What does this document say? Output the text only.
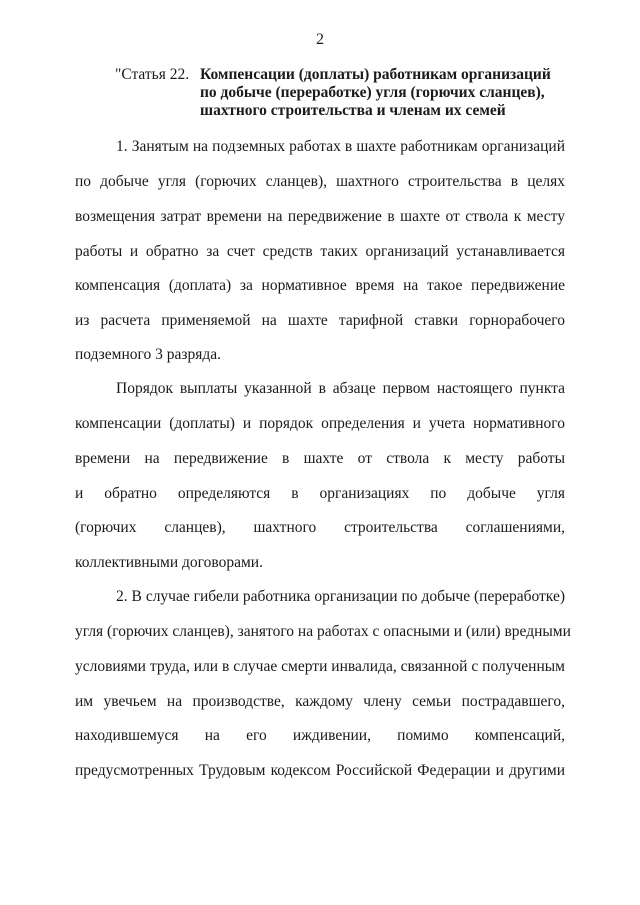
2
"Статья 22. Компенсации (доплаты) работникам организаций
по добыче (переработке) угля (горючих сланцев),
шахтного строительства и членам их семей
1. Занятым на подземных работах в шахте работникам организаций
по добыче угля (горючих сланцев), шахтного строительства в целях
возмещения затрат времени на передвижение в шахте от ствола к месту
работы и обратно за счет средств таких организаций устанавливается
компенсация (доплата) за нормативное время на такое передвижение
из расчета применяемой на шахте тарифной ставки горнорабочего
подземного 3 разряда.
Порядок выплаты указанной в абзаце первом настоящего пункта
компенсации (доплаты) и порядок определения и учета нормативного
времени на передвижение в шахте от ствола к месту работы
и обратно определяются в организациях по добыче угля
(горючих сланцев), шахтного строительства соглашениями,
коллективными договорами.
2. В случае гибели работника организации по добыче (переработке)
угля (горючих сланцев), занятого на работах с опасными и (или) вредными
условиями труда, или в случае смерти инвалида, связанной с полученным
им увечьем на производстве, каждому члену семьи пострадавшего,
находившемуся на его иждивении, помимо компенсаций,
предусмотренных Трудовым кодексом Российской Федерации и другими
